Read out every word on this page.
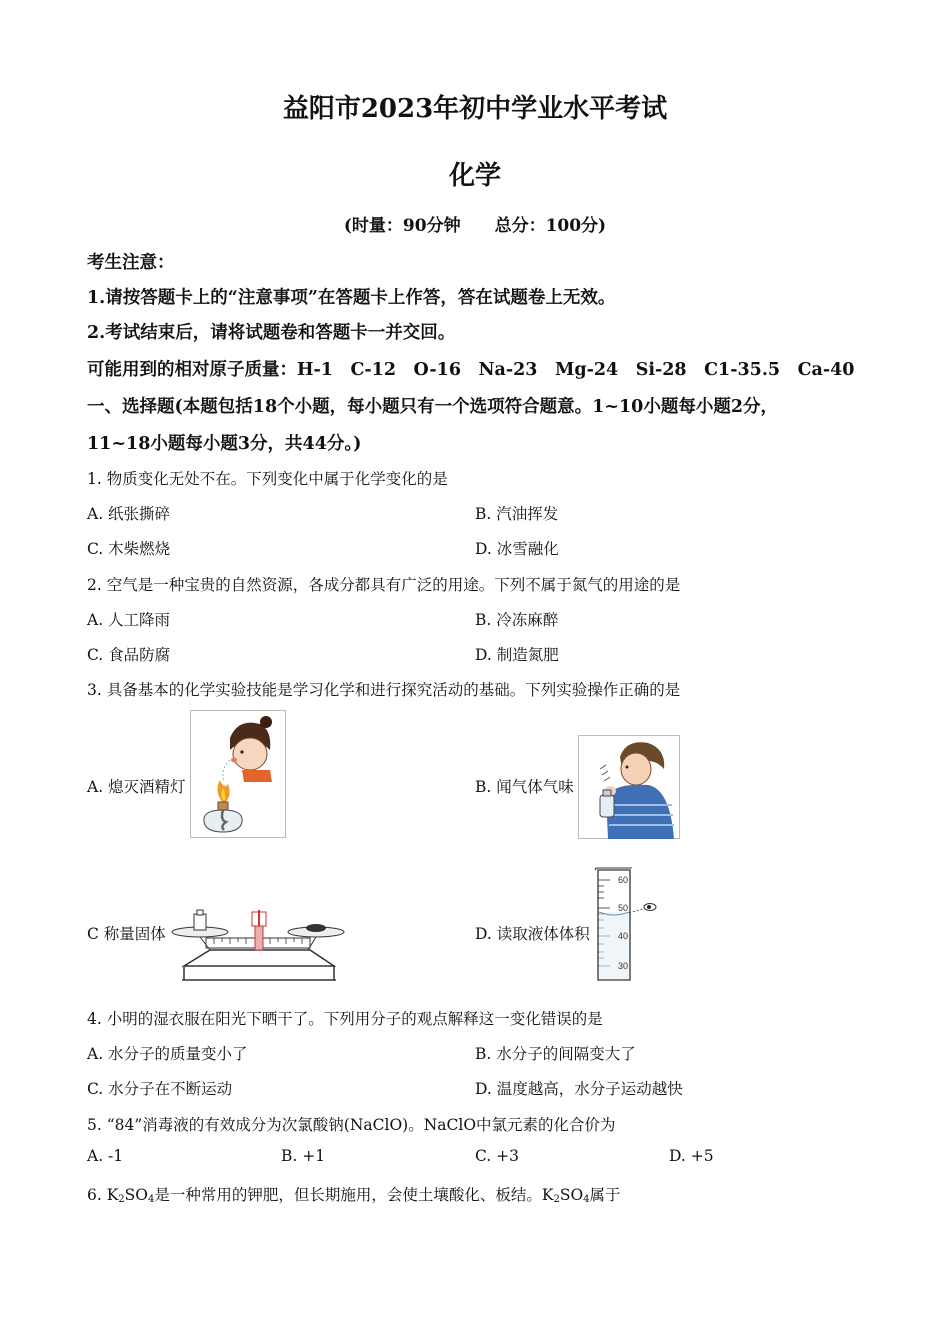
益阳市2023年初中学业水平考试
化学
(时量：90分钟　　总分：100分)
考生注意：
1.请按答题卡上的“注意事项”在答题卡上作答，答在试题卷上无效。
2.考试结束后，请将试题卷和答题卡一并交回。
可能用到的相对原子质量：H-1　C-12　O-16　Na-23　Mg-24　Si-28　C1-35.5　Ca-40
一、选择题(本题包括18个小题，每小题只有一个选项符合题意。1~10小题每小题2分，
11~18小题每小题3分，共44分。)
1. 物质变化无处不在。下列变化中属于化学变化的是
A. 纸张撕碎	B. 汽油挥发
C. 木柴燃烧	D. 冰雪融化
2. 空气是一种宝贵的自然资源，各成分都具有广泛的用途。下列不属于氮气的用途的是
A. 人工降雨	B. 冷冻麻醉
C. 食品防腐	D. 制造氮肥
3. 具备基本的化学实验技能是学习化学和进行探究活动的基础。下列实验操作正确的是
A. 熄灭酒精灯	B. 闻气体气味
C 称量固体	D. 读取液体体积
60
50
40
30
4. 小明的湿衣服在阳光下晒干了。下列用分子的观点解释这一变化错误的是
A. 水分子的质量变小了	B. 水分子的间隔变大了
C. 水分子在不断运动	D. 温度越高，水分子运动越快
5. “84”消毒液的有效成分为次氯酸钠(NaClO)。NaClO中氯元素的化合价为
A. -1	B. +1	C. +3	D. +5
6. $K_2SO_4$是一种常用的钾肥，但长期施用，会使土壤酸化、板结。$K_2SO_4$属于
